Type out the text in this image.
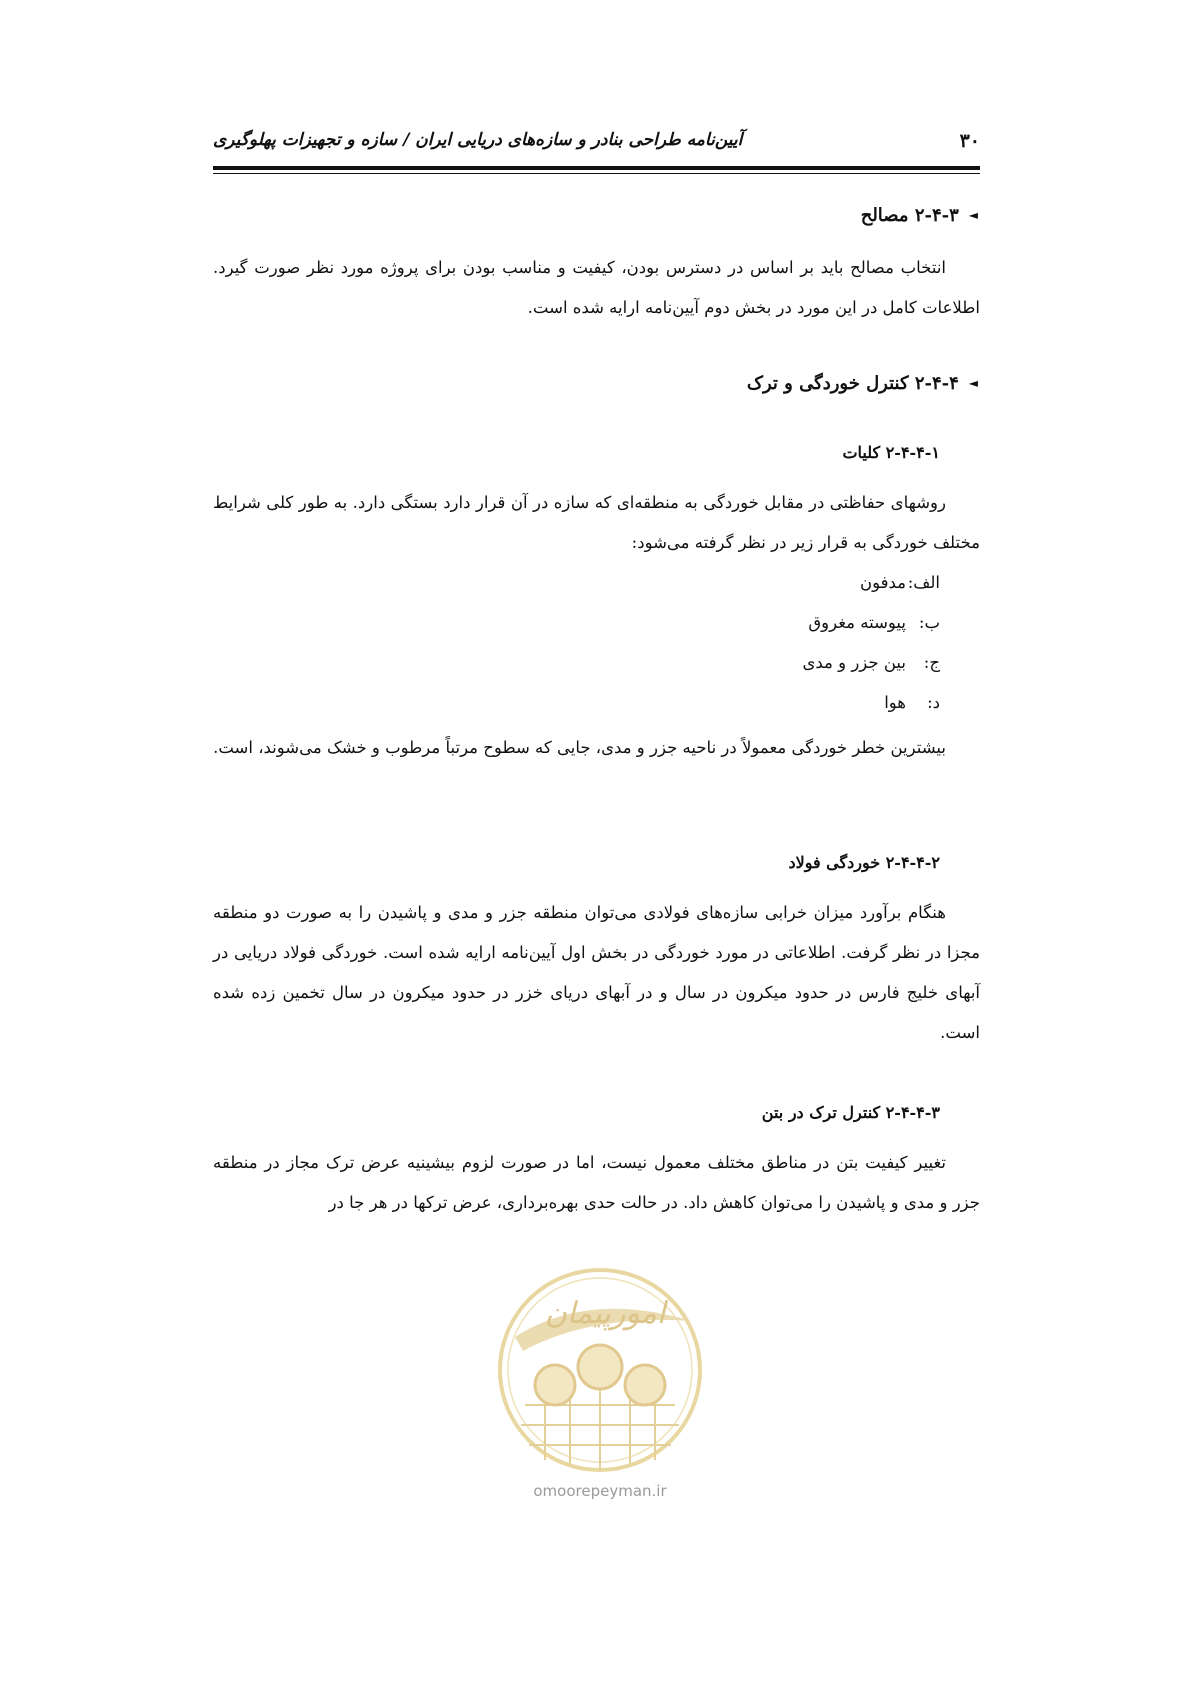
۳۰
آیین‌نامه طراحی بنادر و سازه‌های دریایی ایران / سازه و تجهیزات پهلوگیری
◄۲-۴-۳ مصالح
انتخاب مصالح باید بر اساس در دسترس بودن، کیفیت و مناسب بودن برای پروژه مورد نظر صورت گیرد. اطلاعات کامل در این مورد در بخش دوم آیین‌نامه ارایه شده است.
◄۲-۴-۴ کنترل خوردگی و ترک
۲-۴-۴-۱ کلیات
روشهای حفاظتی در مقابل خوردگی به منطقه‌ای که سازه در آن قرار دارد بستگی دارد. به طور کلی شرایط مختلف خوردگی به قرار زیر در نظر گرفته می‌شود:
الف:مدفون
ب:پیوسته مغروق
ج:بین جزر و مدی
د:هوا
بیشترین خطر خوردگی معمولاً در ناحیه جزر و مدی، جایی که سطوح مرتباً مرطوب و خشک می‌شوند، است.
۲-۴-۴-۲ خوردگی فولاد
هنگام برآورد میزان خرابی سازه‌های فولادی می‌توان منطقه جزر و مدی و پاشیدن را به صورت دو منطقه مجزا در نظر گرفت. اطلاعاتی در مورد خوردگی در بخش اول آیین‌نامه ارایه شده است. خوردگی فولاد دریایی در آبهای خلیج فارس در حدود میکرون در سال و در آبهای دریای خزر در حدود میکرون در سال تخمین زده شده است.
۲-۴-۴-۳ کنترل ترک در بتن
تغییر کیفیت بتن در مناطق مختلف معمول نیست، اما در صورت لزوم بیشینیه عرض ترک مجاز در منطقه جزر و مدی و پاشیدن را می‌توان کاهش داد. در حالت حدی بهره‌برداری، عرض ترکها در هر جا در
امورپیمان
omoorepeyman.ir
